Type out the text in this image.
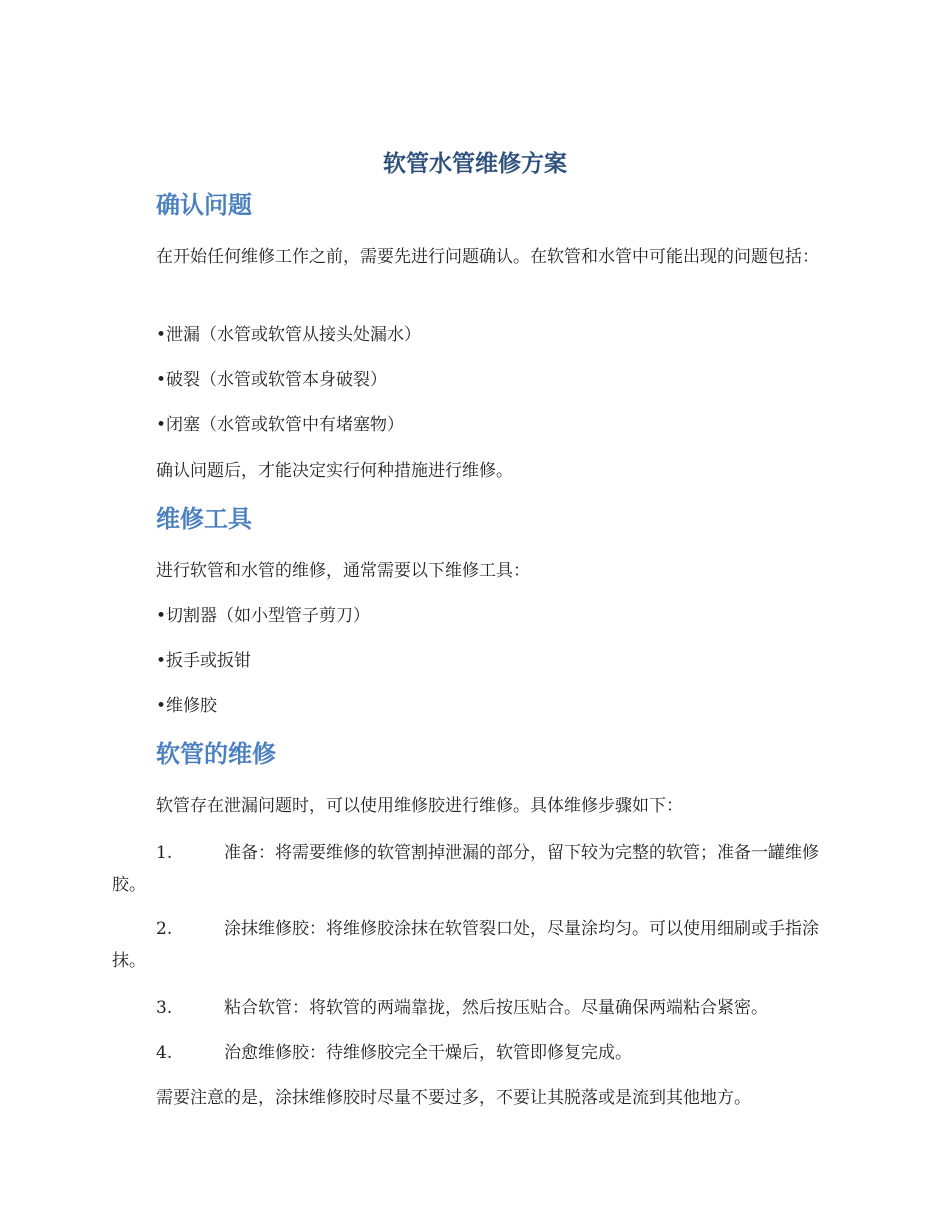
软管水管维修方案
确认问题

在开始任何维修工作之前，需要先进行问题确认。在软管和水管中可能出现的问题包括：

•泄漏（水管或软管从接头处漏水）

•破裂（水管或软管本身破裂）

•闭塞（水管或软管中有堵塞物）

确认问题后，才能决定实行何种措施进行维修。

维修工具

进行软管和水管的维修，通常需要以下维修工具：

•切割器（如小型管子剪刀）

•扳手或扳钳

•维修胶

软管的维修

软管存在泄漏问题时，可以使用维修胶进行维修。具体维修步骤如下：

1.	准备：将需要维修的软管割掉泄漏的部分，留下较为完整的软管；准备一罐维修胶。

2.	涂抹维修胶：将维修胶涂抹在软管裂口处，尽量涂均匀。可以使用细刷或手指涂抹。

3.	粘合软管：将软管的两端靠拢，然后按压贴合。尽量确保两端粘合紧密。

4.	治愈维修胶：待维修胶完全干燥后，软管即修复完成。

需要注意的是，涂抹维修胶时尽量不要过多，不要让其脱落或是流到其他地方。
